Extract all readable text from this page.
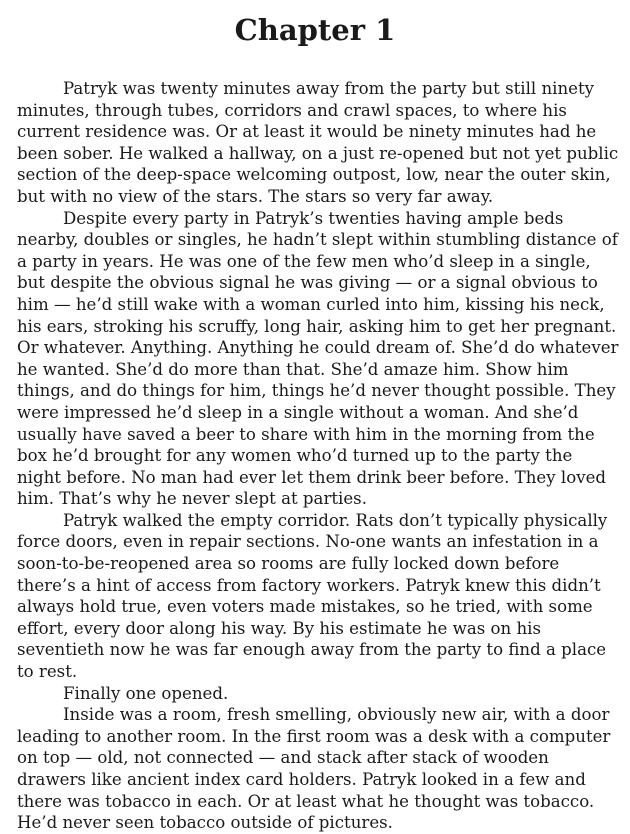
Chapter 1

Patryk was twenty minutes away from the party but still ninety minutes, through tubes, corridors and crawl spaces, to where his current residence was. Or at least it would be ninety minutes had he been sober. He walked a hallway, on a just re-opened but not yet public section of the deep-space welcoming outpost, low, near the outer skin, but with no view of the stars. The stars so very far away.

Despite every party in Patryk’s twenties having ample beds nearby, doubles or singles, he hadn’t slept within stumbling distance of a party in years. He was one of the few men who’d sleep in a single, but despite the obvious signal he was giving — or a signal obvious to him — he’d still wake with a woman curled into him, kissing his neck, his ears, stroking his scruffy, long hair, asking him to get her pregnant. Or whatever. Anything. Anything he could dream of. She’d do whatever he wanted. She’d do more than that. She’d amaze him. Show him things, and do things for him, things he’d never thought possible. They were impressed he’d sleep in a single without a woman. And she’d usually have saved a beer to share with him in the morning from the box he’d brought for any women who’d turned up to the party the night before. No man had ever let them drink beer before. They loved him. That’s why he never slept at parties.

Patryk walked the empty corridor. Rats don’t typically physically force doors, even in repair sections. No-one wants an infestation in a soon-to-be-reopened area so rooms are fully locked down before there’s a hint of access from factory workers. Patryk knew this didn’t always hold true, even voters made mistakes, so he tried, with some effort, every door along his way. By his estimate he was on his seventieth now he was far enough away from the party to find a place to rest.

Finally one opened.

Inside was a room, fresh smelling, obviously new air, with a door leading to another room. In the first room was a desk with a computer on top — old, not connected — and stack after stack of wooden drawers like ancient index card holders. Patryk looked in a few and there was tobacco in each. Or at least what he thought was tobacco. He’d never seen tobacco outside of pictures.
